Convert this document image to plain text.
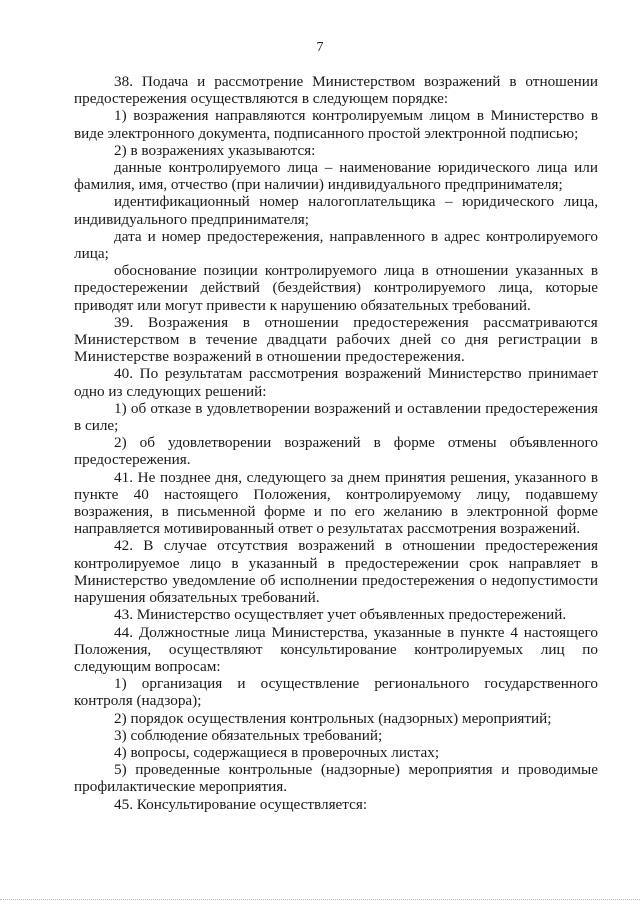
7

38. Подача и рассмотрение Министерством возражений в отношении предостережения осуществляются в следующем порядке:

1) возражения направляются контролируемым лицом в Министерство в виде электронного документа, подписанного простой электронной подписью;

2) в возражениях указываются:

данные контролируемого лица – наименование юридического лица или фамилия, имя, отчество (при наличии) индивидуального предпринимателя;

идентификационный номер налогоплательщика – юридического лица, индивидуального предпринимателя;

дата и номер предостережения, направленного в адрес контролируемого лица;

обоснование позиции контролируемого лица в отношении указанных в предостережении действий (бездействия) контролируемого лица, которые приводят или могут привести к нарушению обязательных требований.

39. Возражения в отношении предостережения рассматриваются Министерством в течение двадцати рабочих дней со дня регистрации в Министерстве возражений в отношении предостережения.

40. По результатам рассмотрения возражений Министерство принимает одно из следующих решений:

1) об отказе в удовлетворении возражений и оставлении предостережения в силе;

2) об удовлетворении возражений в форме отмены объявленного предостережения.

41. Не позднее дня, следующего за днем принятия решения, указанного в пункте 40 настоящего Положения, контролируемому лицу, подавшему возражения, в письменной форме и по его желанию в электронной форме направляется мотивированный ответ о результатах рассмотрения возражений.

42. В случае отсутствия возражений в отношении предостережения контролируемое лицо в указанный в предостережении срок направляет в Министерство уведомление об исполнении предостережения о недопустимости нарушения обязательных требований.

43. Министерство осуществляет учет объявленных предостережений.

44. Должностные лица Министерства, указанные в пункте 4 настоящего Положения, осуществляют консультирование контролируемых лиц по следующим вопросам:

1) организация и осуществление регионального государственного контроля (надзора);

2) порядок осуществления контрольных (надзорных) мероприятий;

3) соблюдение обязательных требований;

4) вопросы, содержащиеся в проверочных листах;

5) проведенные контрольные (надзорные) мероприятия и проводимые профилактические мероприятия.

45. Консультирование осуществляется:
